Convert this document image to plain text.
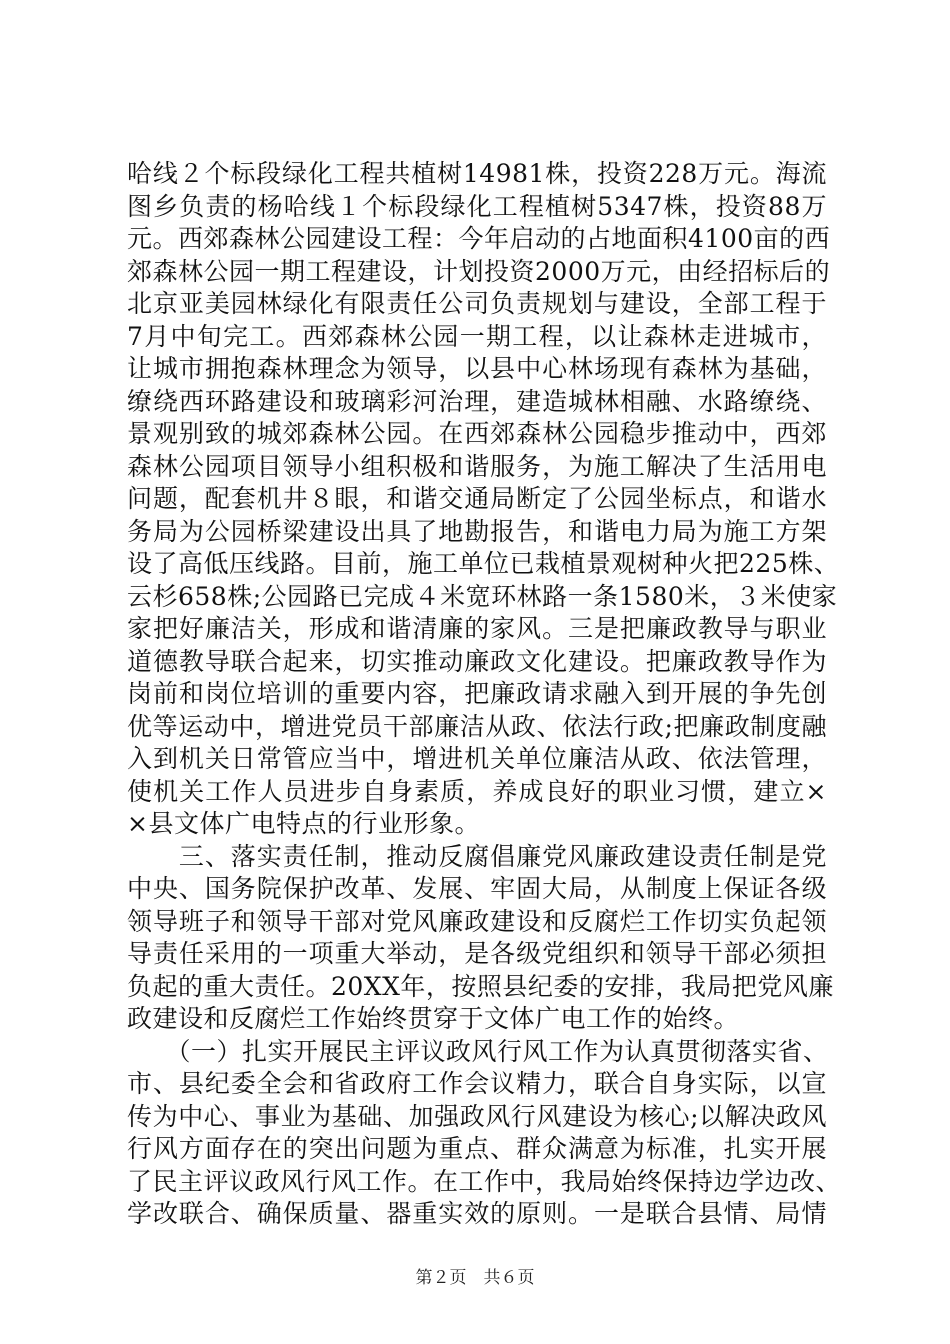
哈线２个标段绿化工程共植树14981株，投资228万元。海流
图乡负责的杨哈线１个标段绿化工程植树5347株，投资88万
元。西郊森林公园建设工程：今年启动的占地面积4100亩的西
郊森林公园一期工程建设，计划投资2000万元，由经招标后的
北京亚美园林绿化有限责任公司负责规划与建设，全部工程于
7月中旬完工。西郊森林公园一期工程，以让森林走进城市，
让城市拥抱森林理念为领导，以县中心林场现有森林为基础，
缭绕西环路建设和玻璃彩河治理，建造城林相融、水路缭绕、
景观别致的城郊森林公园。在西郊森林公园稳步推动中，西郊
森林公园项目领导小组积极和谐服务，为施工解决了生活用电
问题，配套机井８眼，和谐交通局断定了公园坐标点，和谐水
务局为公园桥梁建设出具了地勘报告，和谐电力局为施工方架
设了高低压线路。目前，施工单位已栽植景观树种火把225株、
云杉658株;公园路已完成４米宽环林路一条1580米，３米使家
家把好廉洁关，形成和谐清廉的家风。三是把廉政教导与职业
道德教导联合起来，切实推动廉政文化建设。把廉政教导作为
岗前和岗位培训的重要内容，把廉政请求融入到开展的争先创
优等运动中，增进党员干部廉洁从政、依法行政;把廉政制度融
入到机关日常管应当中，增进机关单位廉洁从政、依法管理，
使机关工作人员进步自身素质，养成良好的职业习惯，建立×
×县文体广电特点的行业形象。
　　三、落实责任制，推动反腐倡廉党风廉政建设责任制是党
中央、国务院保护改革、发展、牢固大局，从制度上保证各级
领导班子和领导干部对党风廉政建设和反腐烂工作切实负起领
导责任采用的一项重大举动，是各级党组织和领导干部必须担
负起的重大责任。20XX年，按照县纪委的安排，我局把党风廉
政建设和反腐烂工作始终贯穿于文体广电工作的始终。
　　（一）扎实开展民主评议政风行风工作为认真贯彻落实省、
市、县纪委全会和省政府工作会议精力，联合自身实际，以宣
传为中心、事业为基础、加强政风行风建设为核心;以解决政风
行风方面存在的突出问题为重点、群众满意为标准，扎实开展
了民主评议政风行风工作。在工作中，我局始终保持边学边改、
学改联合、确保质量、器重实效的原则。一是联合县情、局情
第２页　共６页
